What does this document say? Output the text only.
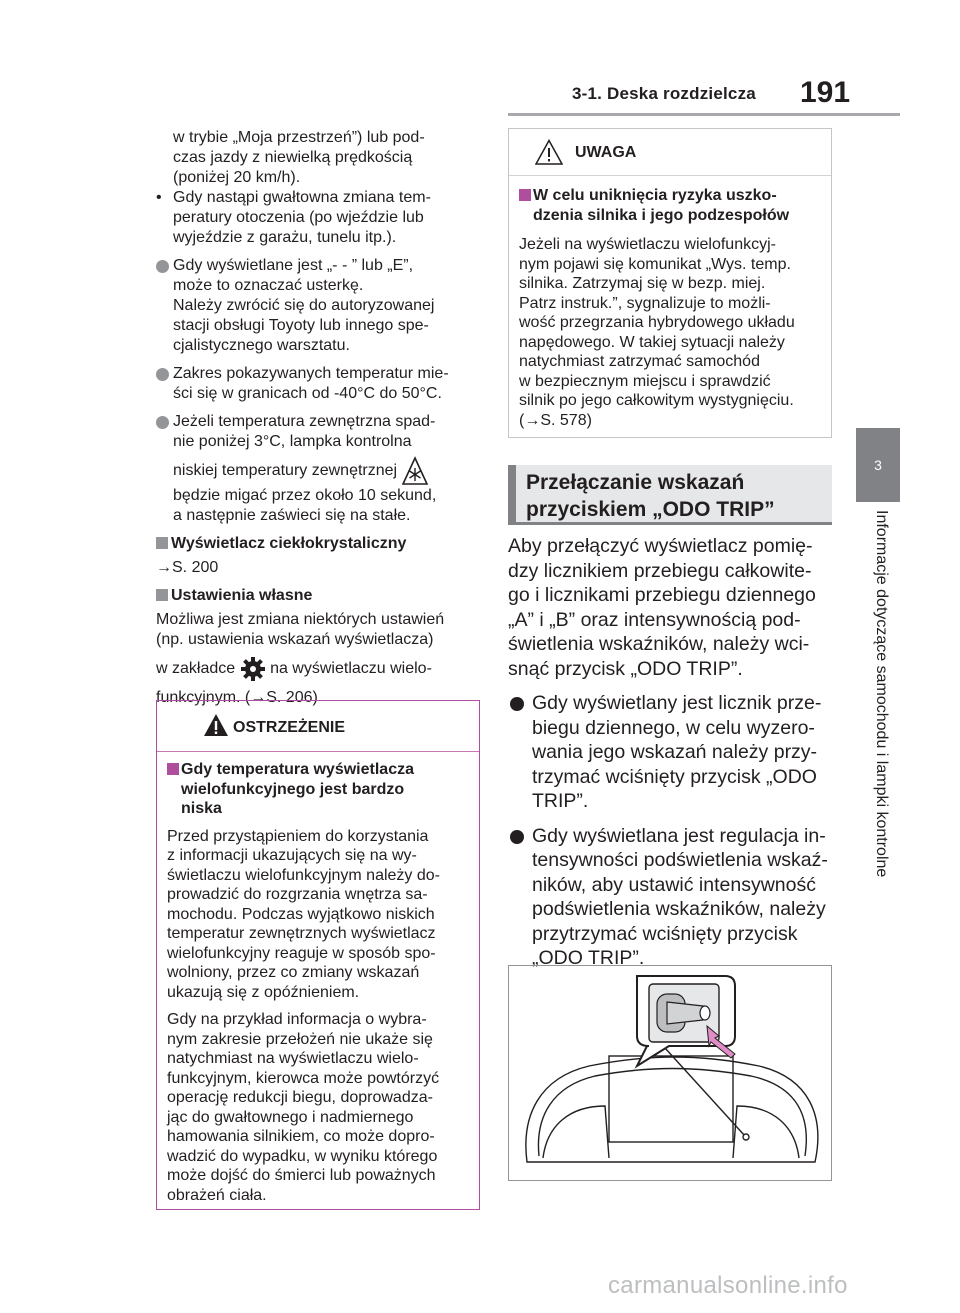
3-1. Deska rozdzielcza 191
3
Informacje dotyczące samochodu i lampki kontrolne

w trybie „Moja przestrzeń”) lub pod-

czas jazdy z niewielką prędkością

(poniżej 20 km/h).

• Gdy nastąpi gwałtowna zmiana tem-

peratury otoczenia (po wjeździe lub

wyjeździe z garażu, tunelu itp.).

Gdy wyświetlane jest „- - ” lub „E”,

może to oznaczać usterkę.

Należy zwrócić się do autoryzowanej

stacji obsługi Toyoty lub innego spe-

cjalistycznego warsztatu.

Zakres pokazywanych temperatur mie-

ści się w granicach od -40°C do 50°C.

Jeżeli temperatura zewnętrzna spad-

nie poniżej 3°C, lampka kontrolna

niskiej temperatury zewnętrznej

będzie migać przez około 10 sekund,

a następnie zaświeci się na stałe.

Wyświetlacz ciekłokrystaliczny

→S. 200

Ustawienia własne

Możliwa jest zmiana niektórych ustawień

(np. ustawienia wskazań wyświetlacza)

w zakładce na wyświetlaczu wielo-

funkcyjnym. (→S. 206)

OSTRZEŻENIE

Gdy temperatura wyświetlacza

wielofunkcyjnego jest bardzo

niska

Przed przystąpieniem do korzystania

z informacji ukazujących się na wy-

świetlaczu wielofunkcyjnym należy do-

prowadzić do rozgrzania wnętrza sa-

mochodu. Podczas wyjątkowo niskich

temperatur zewnętrznych wyświetlacz

wielofunkcyjny reaguje w sposób spo-

wolniony, przez co zmiany wskazań

ukazują się z opóźnieniem.

Gdy na przykład informacja o wybra-

nym zakresie przełożeń nie ukaże się

natychmiast na wyświetlaczu wielo-

funkcyjnym, kierowca może powtórzyć

operację redukcji biegu, doprowadza-

jąc do gwałtownego i nadmiernego

hamowania silnikiem, co może dopro-

wadzić do wypadku, w wyniku którego

może dojść do śmierci lub poważnych

obrażeń ciała.

UWAGA

W celu uniknięcia ryzyka uszko-

dzenia silnika i jego podzespołów

Jeżeli na wyświetlaczu wielofunkcyj-

nym pojawi się komunikat „Wys. temp.

silnika. Zatrzymaj się w bezp. miej.

Patrz instruk.”, sygnalizuje to możli-

wość przegrzania hybrydowego układu

napędowego. W takiej sytuacji należy

natychmiast zatrzymać samochód

w bezpiecznym miejscu i sprawdzić

silnik po jego całkowitym wystygnięciu.

(→S. 578)

Przełączanie wskazań
przyciskiem „ODO TRIP”

Aby przełączyć wyświetlacz pomię-

dzy licznikiem przebiegu całkowite-

go i licznikami przebiegu dziennego

„A” i „B” oraz intensywnością pod-

świetlenia wskaźników, należy wci-

snąć przycisk „ODO TRIP”.

Gdy wyświetlany jest licznik prze-

biegu dziennego, w celu wyzero-

wania jego wskazań należy przy-

trzymać wciśnięty przycisk „ODO

TRIP”.

Gdy wyświetlana jest regulacja in-

tensywności podświetlenia wskaź-

ników, aby ustawić intensywność

podświetlenia wskaźników, należy

przytrzymać wciśnięty przycisk

„ODO TRIP”.

carmanualsonline.info
